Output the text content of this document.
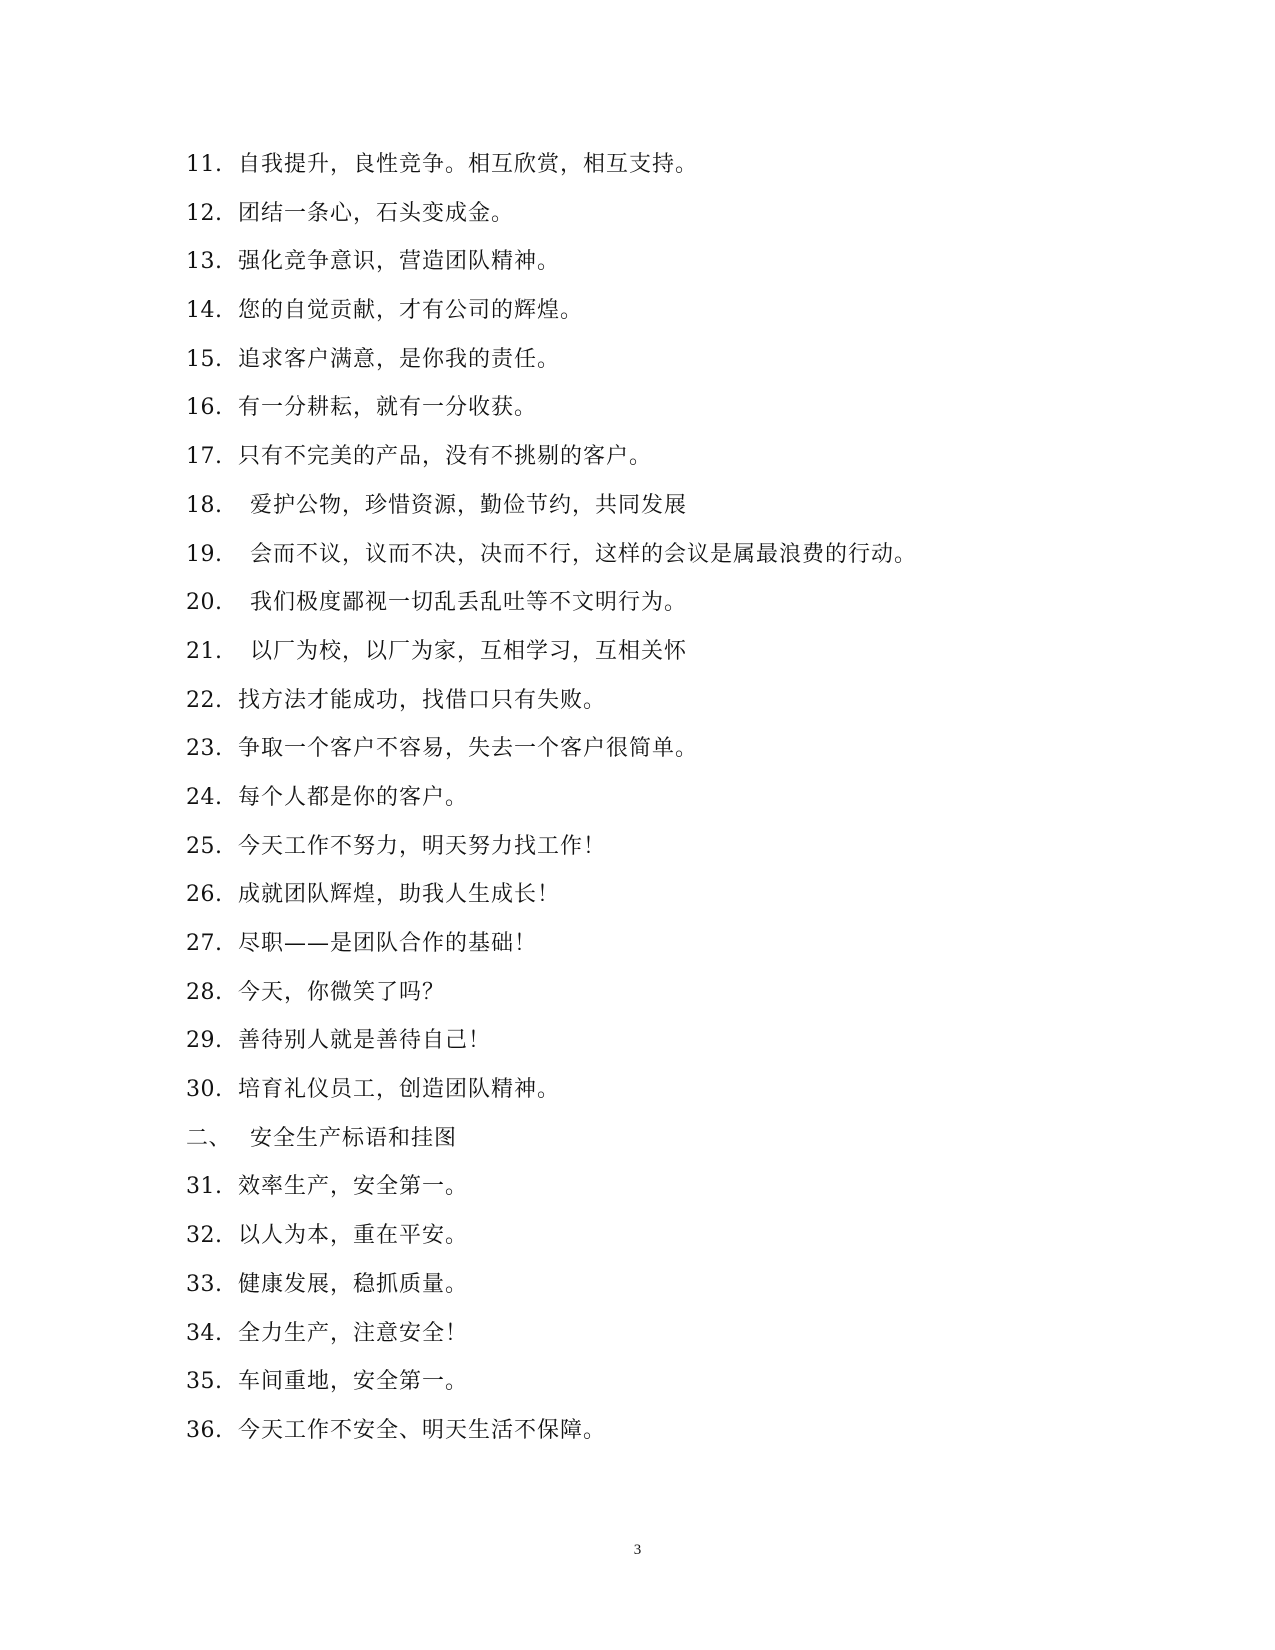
11. 自我提升，良性竞争。相互欣赏，相互支持。
12. 团结一条心，石头变成金。
13. 强化竞争意识，营造团队精神。
14. 您的自觉贡献，才有公司的辉煌。
15. 追求客户满意，是你我的责任。
16. 有一分耕耘，就有一分收获。
17. 只有不完美的产品，没有不挑剔的客户。
18.	爱护公物，珍惜资源，勤俭节约，共同发展
19.	会而不议，议而不决，决而不行，这样的会议是属最浪费的行动。
20.	我们极度鄙视一切乱丢乱吐等不文明行为。
21.	以厂为校，以厂为家，互相学习，互相关怀
22. 找方法才能成功，找借口只有失败。
23. 争取一个客户不容易，失去一个客户很简单。
24. 每个人都是你的客户。
25. 今天工作不努力，明天努力找工作！
26. 成就团队辉煌，助我人生成长！
27. 尽职——是团队合作的基础！
28. 今天，你微笑了吗？
29. 善待别人就是善待自己！
30. 培育礼仪员工，创造团队精神。
二、 安全生产标语和挂图
31. 效率生产，安全第一。
32. 以人为本，重在平安。
33. 健康发展，稳抓质量。
34. 全力生产，注意安全！
35. 车间重地，安全第一。
36. 今天工作不安全、明天生活不保障。
3
